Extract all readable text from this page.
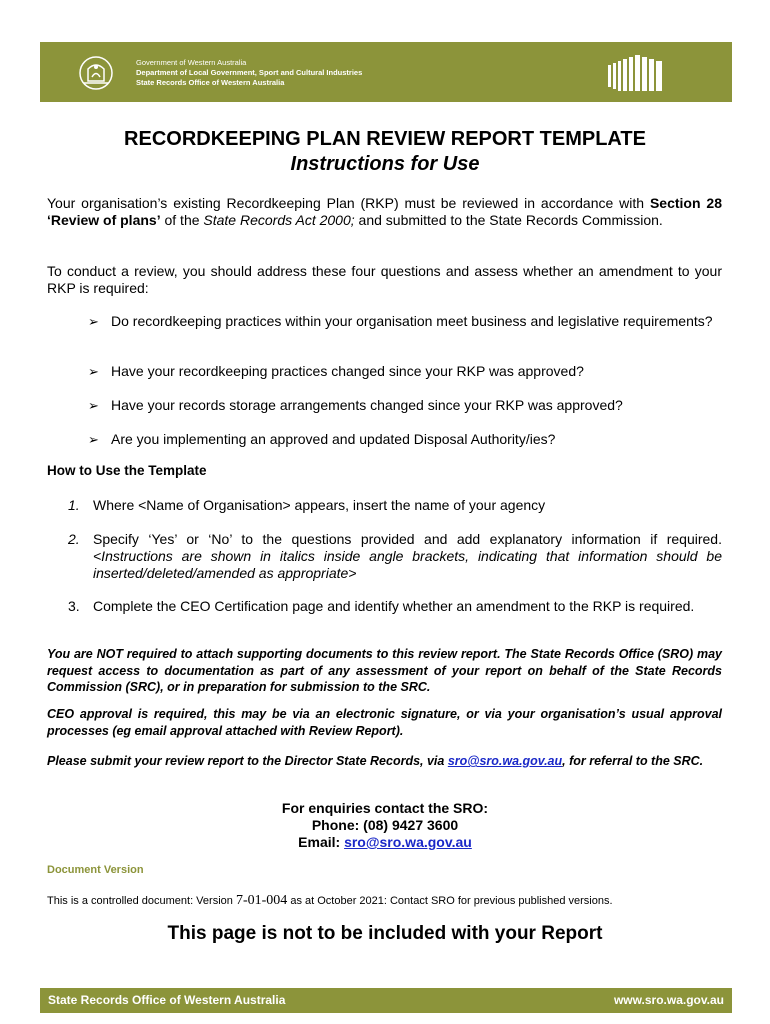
Government of Western Australia
Department of Local Government, Sport and Cultural Industries
State Records Office of Western Australia
RECORDKEEPING PLAN REVIEW REPORT TEMPLATE
Instructions for Use
Your organisation’s existing Recordkeeping Plan (RKP) must be reviewed in accordance with Section 28 ‘Review of plans’ of the State Records Act 2000; and submitted to the State Records Commission.
To conduct a review, you should address these four questions and assess whether an amendment to your RKP is required:
➢ Do recordkeeping practices within your organisation meet business and legislative requirements?
➢ Have your recordkeeping practices changed since your RKP was approved?
➢ Have your records storage arrangements changed since your RKP was approved?
➢ Are you implementing an approved and updated Disposal Authority/ies?
How to Use the Template
1. Where <Name of Organisation> appears, insert the name of your agency
2. Specify ‘Yes’ or ‘No’ to the questions provided and add explanatory information if required. <Instructions are shown in italics inside angle brackets, indicating that information should be inserted/deleted/amended as appropriate>
3. Complete the CEO Certification page and identify whether an amendment to the RKP is required.
You are NOT required to attach supporting documents to this review report. The State Records Office (SRO) may request access to documentation as part of any assessment of your report on behalf of the State Records Commission (SRC), or in preparation for submission to the SRC.
CEO approval is required, this may be via an electronic signature, or via your organisation’s usual approval processes (eg email approval attached with Review Report).
Please submit your review report to the Director State Records, via sro@sro.wa.gov.au, for referral to the SRC.
For enquiries contact the SRO:
Phone: (08) 9427 3600
Email: sro@sro.wa.gov.au
Document Version
This is a controlled document: Version 7-01-004 as at October 2021: Contact SRO for previous published versions.
This page is not to be included with your Report
State Records Office of Western Australia	www.sro.wa.gov.au
